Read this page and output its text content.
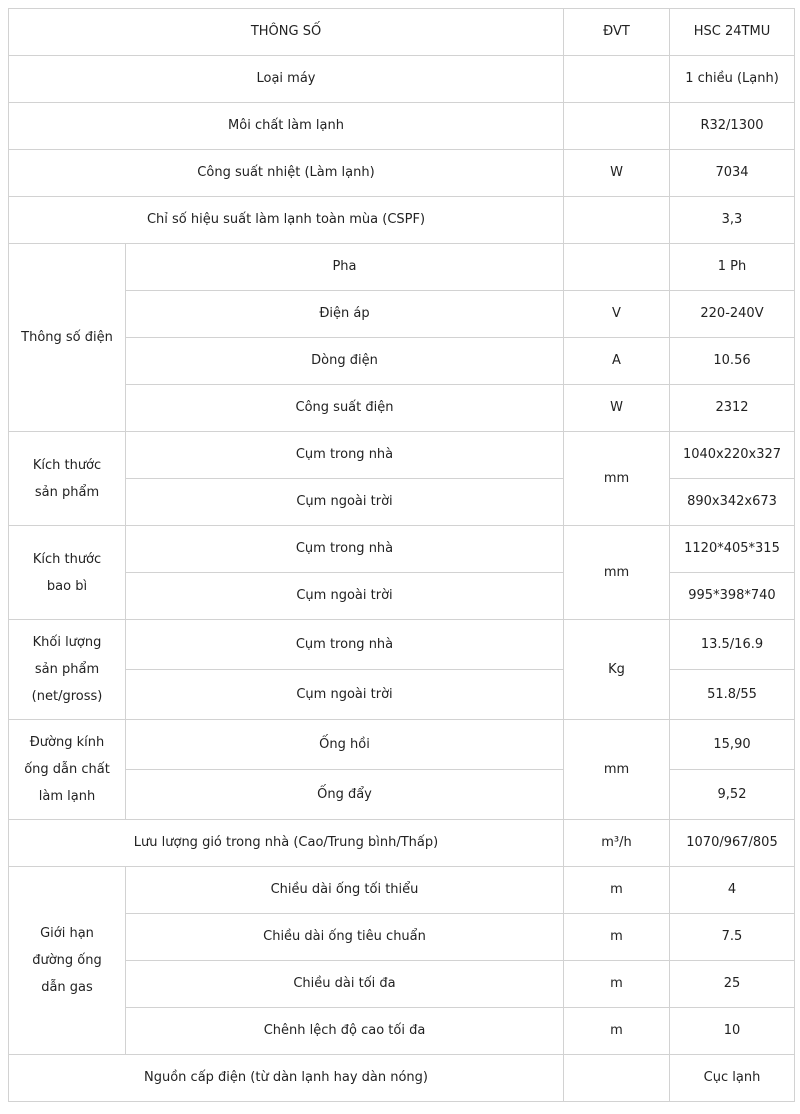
THÔNG SỐ		ĐVT	HSC 24TMU
Loại máy			1 chiều (Lạnh)
Môi chất làm lạnh			R32/1300
Công suất nhiệt (Làm lạnh)		W	7034
Chỉ số hiệu suất làm lạnh toàn mùa (CSPF)			3,3
Thông số điện	Pha		1 Ph
	Điện áp	V	220-240V
	Dòng điện	A	10.56
	Công suất điện	W	2312
Kích thước sản phẩm	Cụm trong nhà	mm	1040x220x327
	Cụm ngoài trời		890x342x673
Kích thước bao bì	Cụm trong nhà	mm	1120*405*315
	Cụm ngoài trời		995*398*740
Khối lượng sản phẩm (net/gross)	Cụm trong nhà	Kg	13.5/16.9
	Cụm ngoài trời		51.8/55
Đường kính ống dẫn chất làm lạnh	Ống hồi	mm	15,90
	Ống đẩy		9,52
Lưu lượng gió trong nhà (Cao/Trung bình/Thấp)		m³/h	1070/967/805
Giới hạn đường ống dẫn gas	Chiều dài ống tối thiểu	m	4
	Chiều dài ống tiêu chuẩn	m	7.5
	Chiều dài tối đa	m	25
	Chênh lệch độ cao tối đa	m	10
Nguồn cấp điện (từ dàn lạnh hay dàn nóng)			Cục lạnh
